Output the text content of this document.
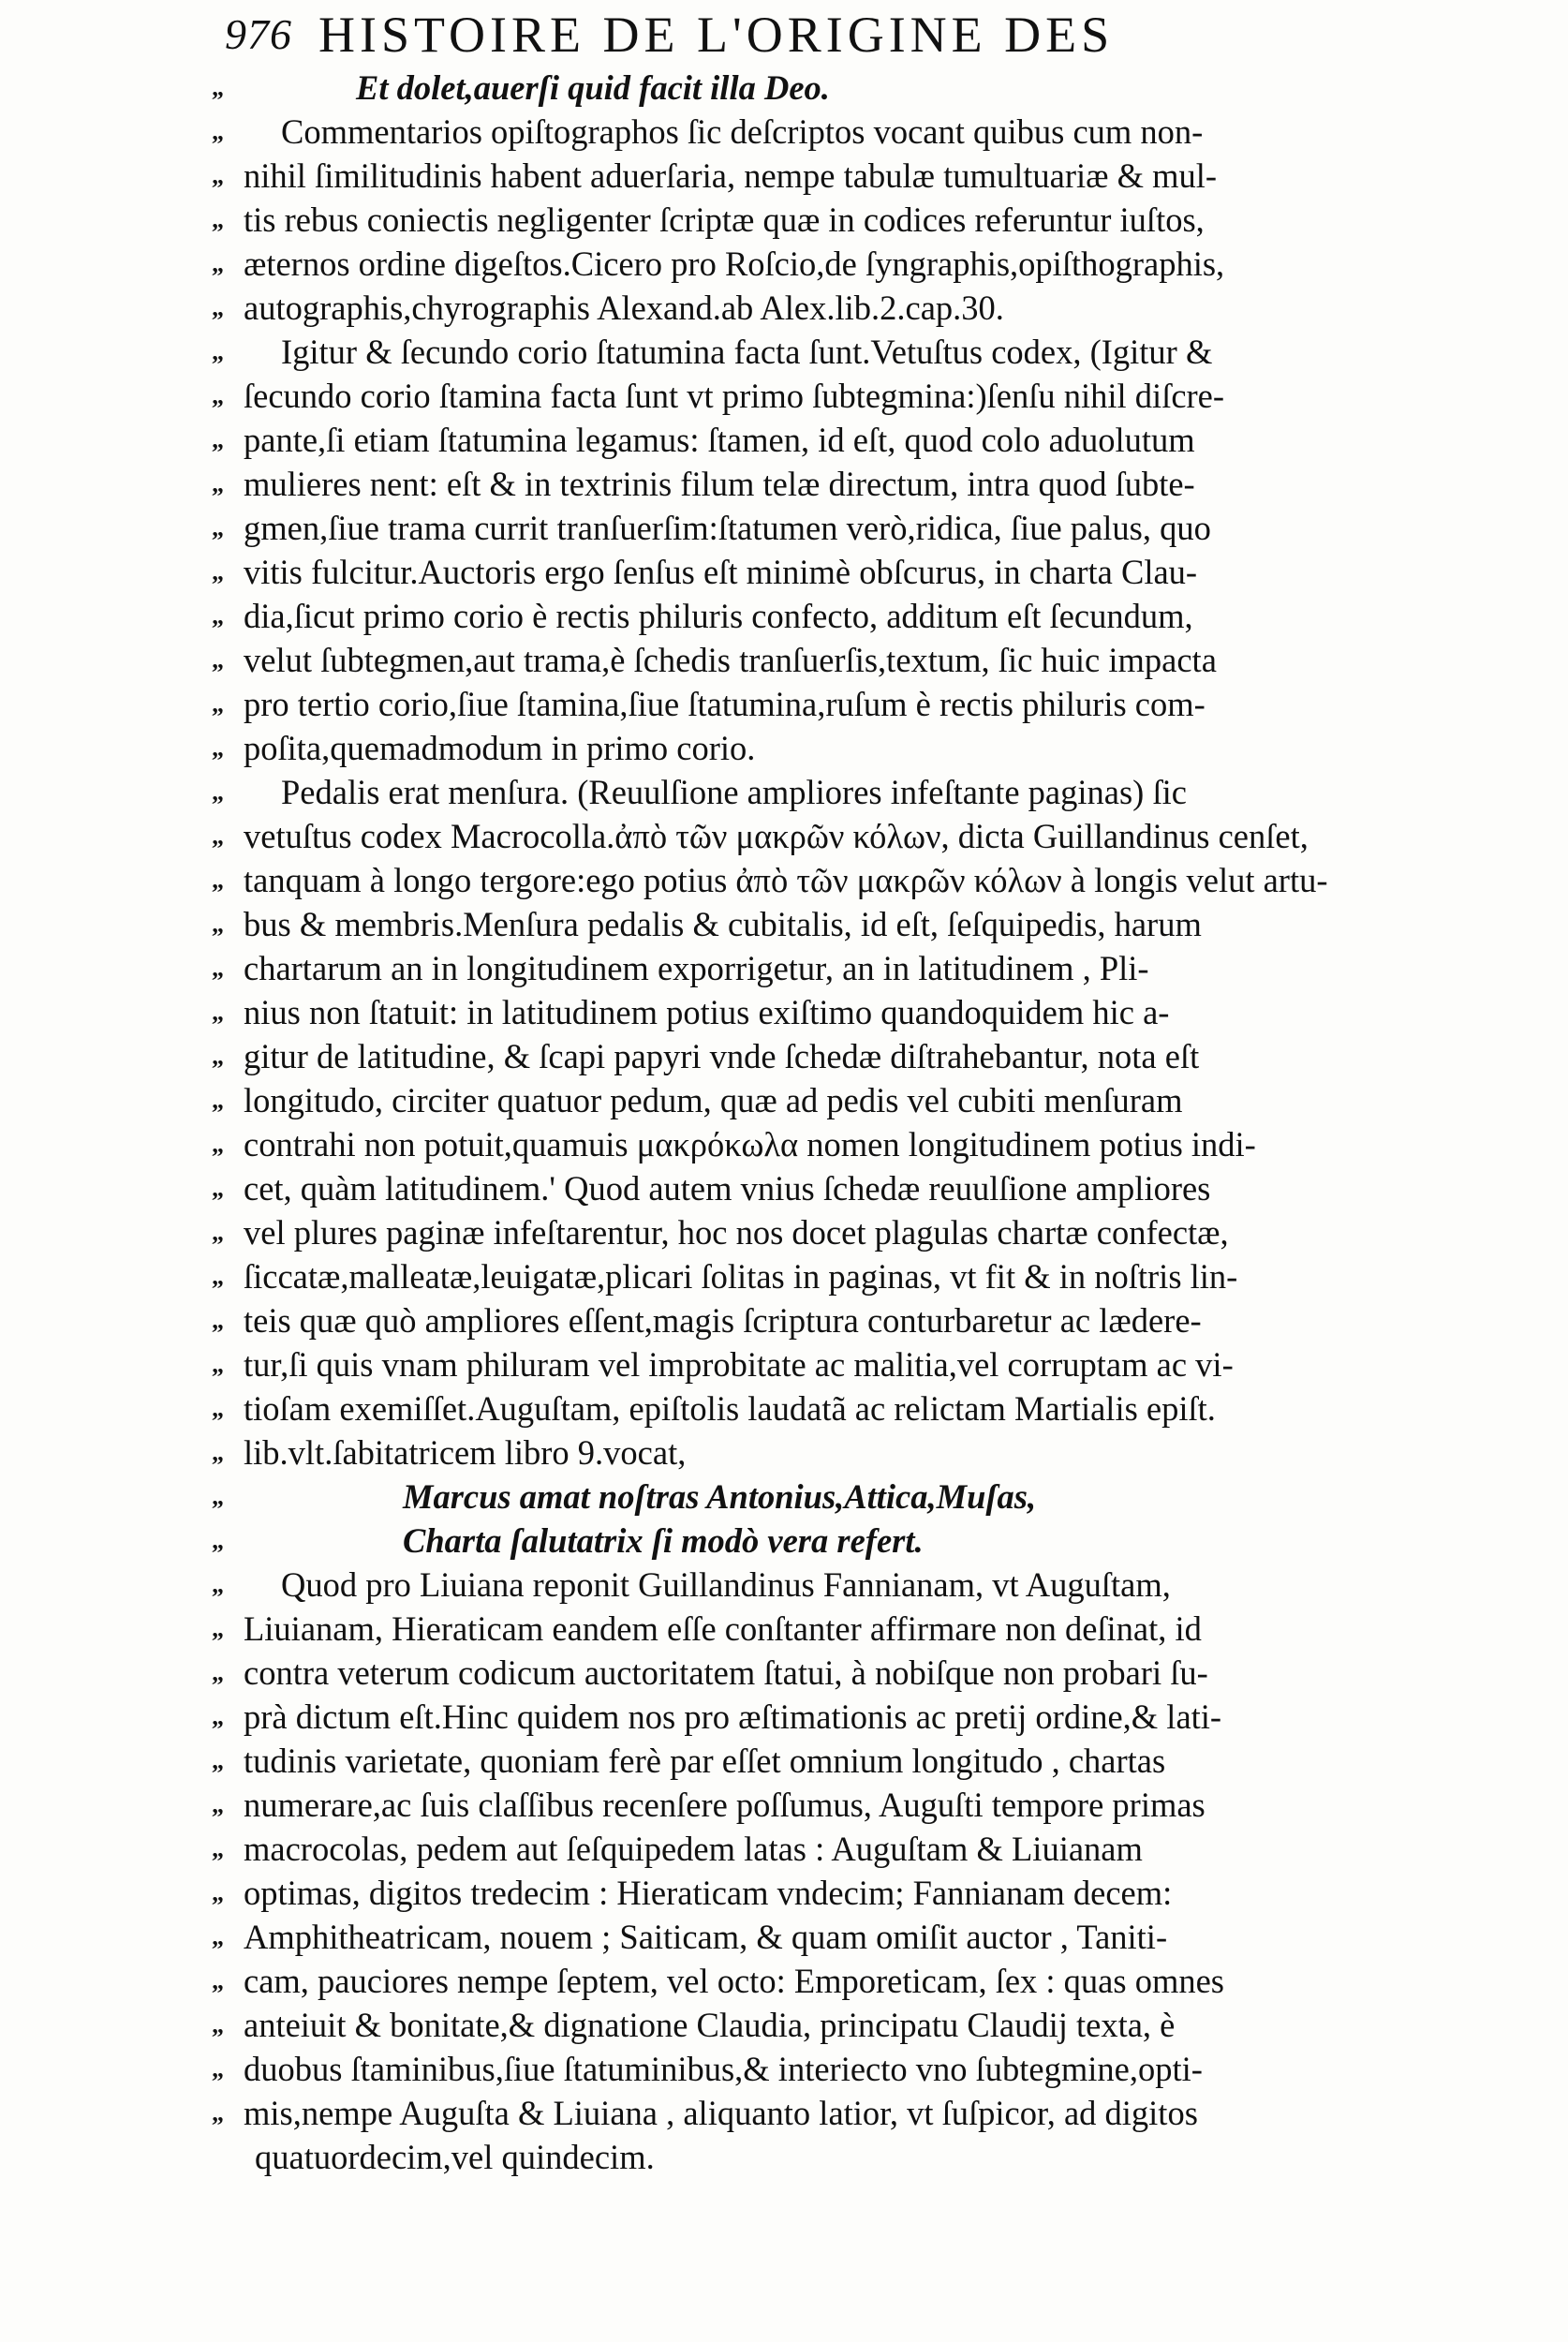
976 HISTOIRE DE L'ORIGINE DES
„	Et dolet,auerſi quid facit illa Deo.
„	Commentarios opiſtographos ſic deſcriptos vocant quibus cum non-
„ nihil ſimilitudinis habent aduerſaria, nempe tabulæ tumultuariæ & mul-
„ tis rebus coniectis negligenter ſcriptæ quæ in codices referuntur iuſtos,
„ æternos ordine digeſtos.Cicero pro Roſcio,de ſyngraphis,opiſthographis,
„ autographis,chyrographis Alexand.ab Alex.lib.2.cap.30.
„	Igitur & ſecundo corio ſtatumina facta ſunt.Vetuſtus codex, (Igitur &
„ ſecundo corio ſtamina facta ſunt vt primo ſubtegmina:)ſenſu nihil diſcre-
„ pante,ſi etiam ſtatumina legamus: ſtamen, id eſt, quod colo aduolutum
„ mulieres nent: eſt & in textrinis filum telæ directum, intra quod ſubte-
„ gmen,ſiue trama currit tranſuerſim:ſtatumen verò,ridica, ſiue palus, quo
„ vitis fulcitur.Auctoris ergo ſenſus eſt minimè obſcurus, in charta Clau-
„ dia,ſicut primo corio è rectis philuris confecto, additum eſt ſecundum,
„ velut ſubtegmen,aut trama,è ſchedis tranſuerſis,textum, ſic huic impacta
„ pro tertio corio,ſiue ſtamina,ſiue ſtatumina,ruſum è rectis philuris com-
„ poſita,quemadmodum in primo corio.
„	Pedalis erat menſura. (Reuulſione ampliores infeſtante paginas) ſic
„ vetuſtus codex Macrocolla.ἀπὸ τῶν μακρῶν κόλων, dicta Guillandinus cenſet,
„ tanquam à longo tergore:ego potius ἀπὸ τῶν μακρῶν κόλων à longis velut artu-
„ bus & membris.Menſura pedalis & cubitalis, id eſt, ſeſquipedis, harum
„ chartarum an in longitudinem exporrigetur, an in latitudinem , Pli-
„ nius non ſtatuit: in latitudinem potius exiſtimo quandoquidem hic a-
„ gitur de latitudine, & ſcapi papyri vnde ſchedæ diſtrahebantur, nota eſt
„ longitudo, circiter quatuor pedum, quæ ad pedis vel cubiti menſuram
„ contrahi non potuit,quamuis μακρόκωλα nomen longitudinem potius indi-
„ cet, quàm latitudinem.' Quod autem vnius ſchedæ reuulſione ampliores
„ vel plures paginæ infeſtarentur, hoc nos docet plagulas chartæ confectæ,
„ ſiccatæ,malleatæ,leuigatæ,plicari ſolitas in paginas, vt fit & in noſtris lin-
„ teis quæ quò ampliores eſſent,magis ſcriptura conturbaretur ac lædere-
„ tur,ſi quis vnam philuram vel improbitate ac malitia,vel corruptam ac vi-
„ tioſam exemiſſet.Auguſtam, epiſtolis laudatã ac relictam Martialis epiſt.
„ lib.vlt.ſabitatricem libro 9.vocat,
„	Marcus amat noſtras Antonius,Attica,Muſas,
„	Charta ſalutatrix ſi modò vera refert.
„	Quod pro Liuiana reponit Guillandinus Fannianam, vt Auguſtam,
„ Liuianam, Hieraticam eandem eſſe conſtanter affirmare non deſinat, id
„ contra veterum codicum auctoritatem ſtatui, à nobiſque non probari ſu-
„ prà dictum eſt.Hinc quidem nos pro æſtimationis ac pretij ordine,& lati-
„ tudinis varietate, quoniam ferè par eſſet omnium longitudo , chartas
„ numerare,ac ſuis claſſibus recenſere poſſumus, Auguſti tempore primas
„ macrocolas, pedem aut ſeſquipedem latas : Auguſtam & Liuianam
„ optimas, digitos tredecim : Hieraticam vndecim; Fannianam decem:
„ Amphitheatricam, nouem ; Saiticam, & quam omiſit auctor , Taniti-
„ cam, pauciores nempe ſeptem, vel octo: Emporeticam, ſex : quas omnes
„ anteiuit & bonitate,& dignatione Claudia, principatu Claudij texta, è
„ duobus ſtaminibus,ſiue ſtatuminibus,& interiecto vno ſubtegmine,opti-
„ mis,nempe Auguſta & Liuiana , aliquanto latior, vt ſuſpicor, ad digitos
quatuordecim,vel quindecim.
